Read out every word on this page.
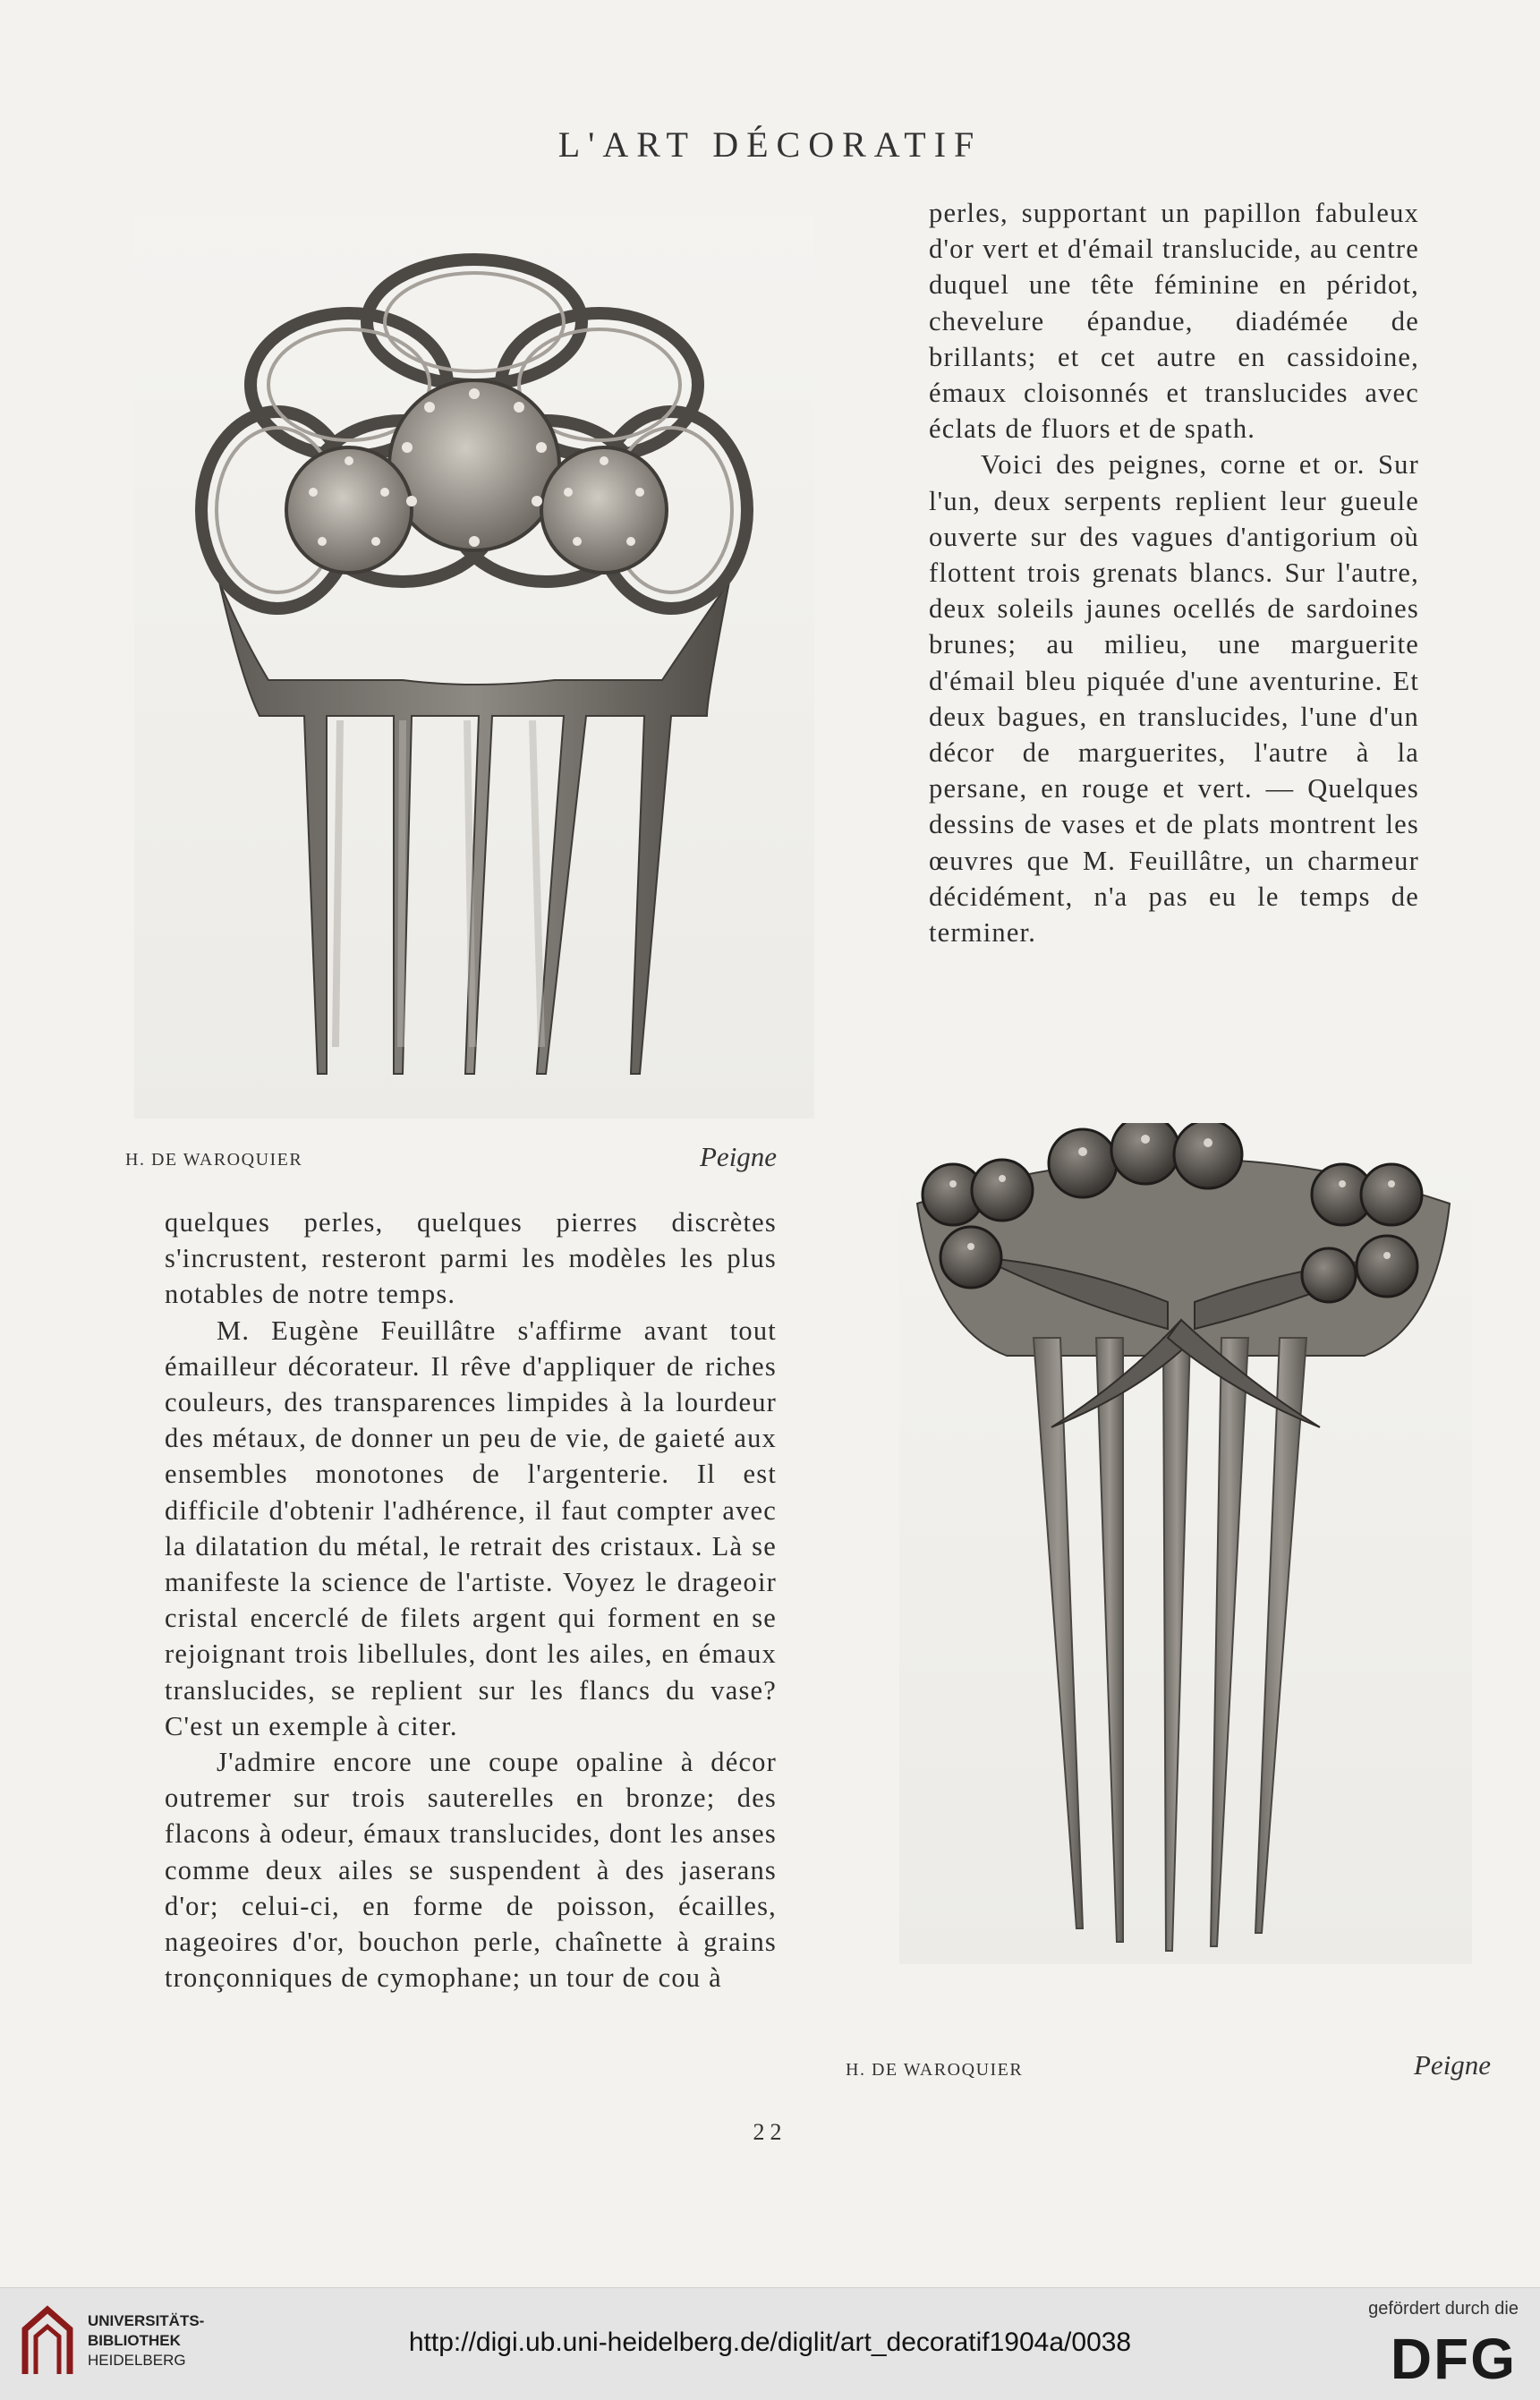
L'ART DÉCORATIF
H. DE WAROQUIER	Peigne

perles, supportant un papillon fabuleux d'or vert et d'émail translucide, au centre duquel une tête féminine en péridot, chevelure épandue, diadémée de brillants; et cet autre en cassidoine, émaux cloisonnés et translucides avec éclats de fluors et de spath.

Voici des peignes, corne et or. Sur l'un, deux serpents replient leur gueule ouverte sur des vagues d'antigorium où flottent trois grenats blancs. Sur l'autre, deux soleils jaunes ocellés de sardoines brunes; au milieu, une marguerite d'émail bleu piquée d'une aventurine. Et deux bagues, en translucides, l'une d'un décor de marguerites, l'autre à la persane, en rouge et vert. — Quelques dessins de vases et de plats montrent les œuvres que M. Feuillâtre, un charmeur décidément, n'a pas eu le temps de terminer.

H. DE WAROQUIER	Peigne

quelques perles, quelques pierres discrètes s'incrustent, resteront parmi les modèles les plus notables de notre temps.

M. Eugène Feuillâtre s'affirme avant tout émailleur décorateur. Il rêve d'appliquer de riches couleurs, des transparences limpides à la lourdeur des métaux, de donner un peu de vie, de gaieté aux ensembles monotones de l'argenterie. Il est difficile d'obtenir l'adhérence, il faut compter avec la dilatation du métal, le retrait des cristaux. Là se manifeste la science de l'artiste. Voyez le drageoir cristal encerclé de filets argent qui forment en se rejoignant trois libellules, dont les ailes, en émaux translucides, se replient sur les flancs du vase? C'est un exemple à citer.

J'admire encore une coupe opaline à décor outremer sur trois sauterelles en bronze; des flacons à odeur, émaux translucides, dont les anses comme deux ailes se suspendent à des jaserans d'or; celui-ci, en forme de poisson, écailles, nageoires d'or, bouchon perle, chaînette à grains tronçonniques de cymophane; un tour de cou à

22
UNIVERSITÄTS-
BIBLIOTHEK
HEIDELBERG
http://digi.ub.uni-heidelberg.de/diglit/art_decoratif1904a/0038
gefördert durch die
DFG
